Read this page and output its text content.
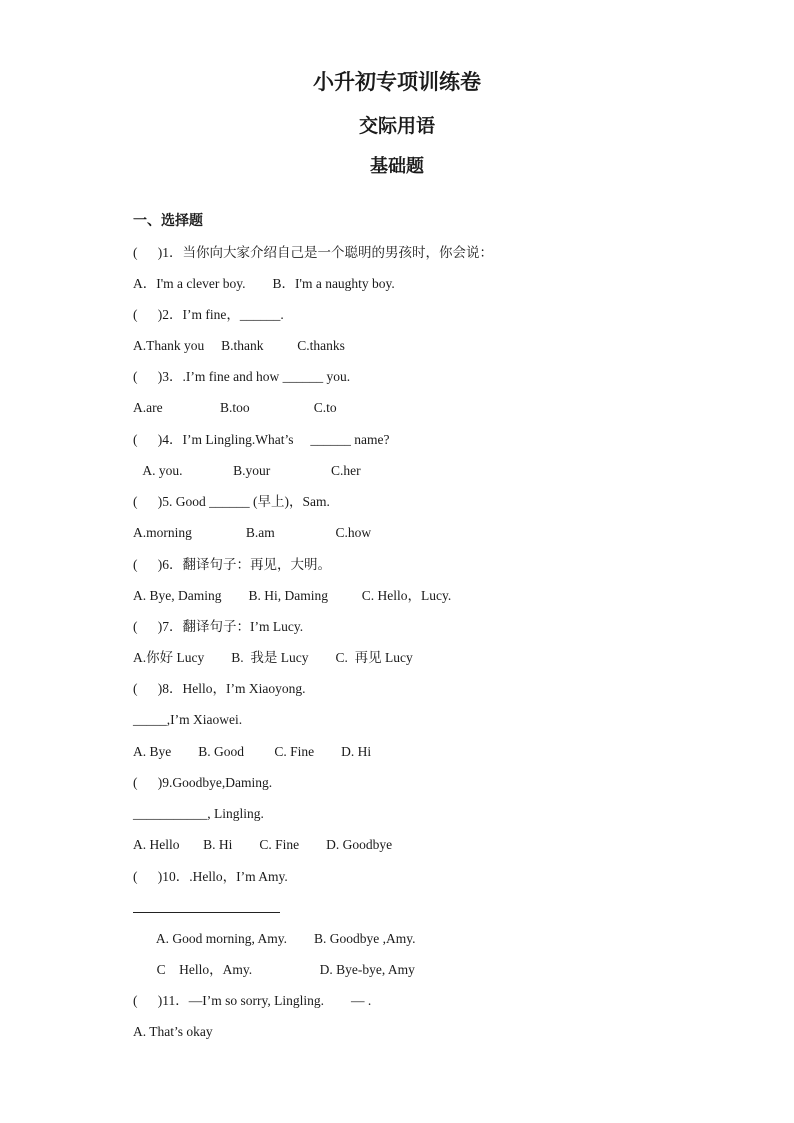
小升初专项训练卷
交际用语
基础题
一、选择题
(      )1．当你向大家介绍自己是一个聪明的男孩时，你会说：
A．I'm a clever boy.        B．I'm a naughty boy.
(      )2．I’m fine，______.
A.Thank you     B.thank          C.thanks
(      )3．.I’m fine and how ______ you.
A.are                 B.too                   C.to
(      )4．I’m Lingling.What’s     ______ name?
A. you.               B.your                  C.her
(      )5. Good ______ (早上)，Sam.
A.morning                B.am                  C.how
(      )6．翻译句子：再见，大明。
A. Bye, Daming        B. Hi, Daming          C. Hello，Lucy.
(      )7．翻译句子：I’m Lucy.
A.你好 Lucy        B.  我是 Lucy        C.  再见 Lucy
(      )8．Hello，I’m Xiaoyong.
_____,I’m Xiaowei.
A. Bye        B. Good         C. Fine        D. Hi
(      )9.Goodbye,Daming.
___________, Lingling.
A. Hello       B. Hi        C. Fine        D. Goodbye
(      )10．.Hello，I’m Amy.
A. Good morning, Amy.        B. Goodbye ,Amy.
C    Hello，Amy.                    D. Bye-bye, Amy
(      )11．—I’m so sorry, Lingling.        — .
A. That’s okay
